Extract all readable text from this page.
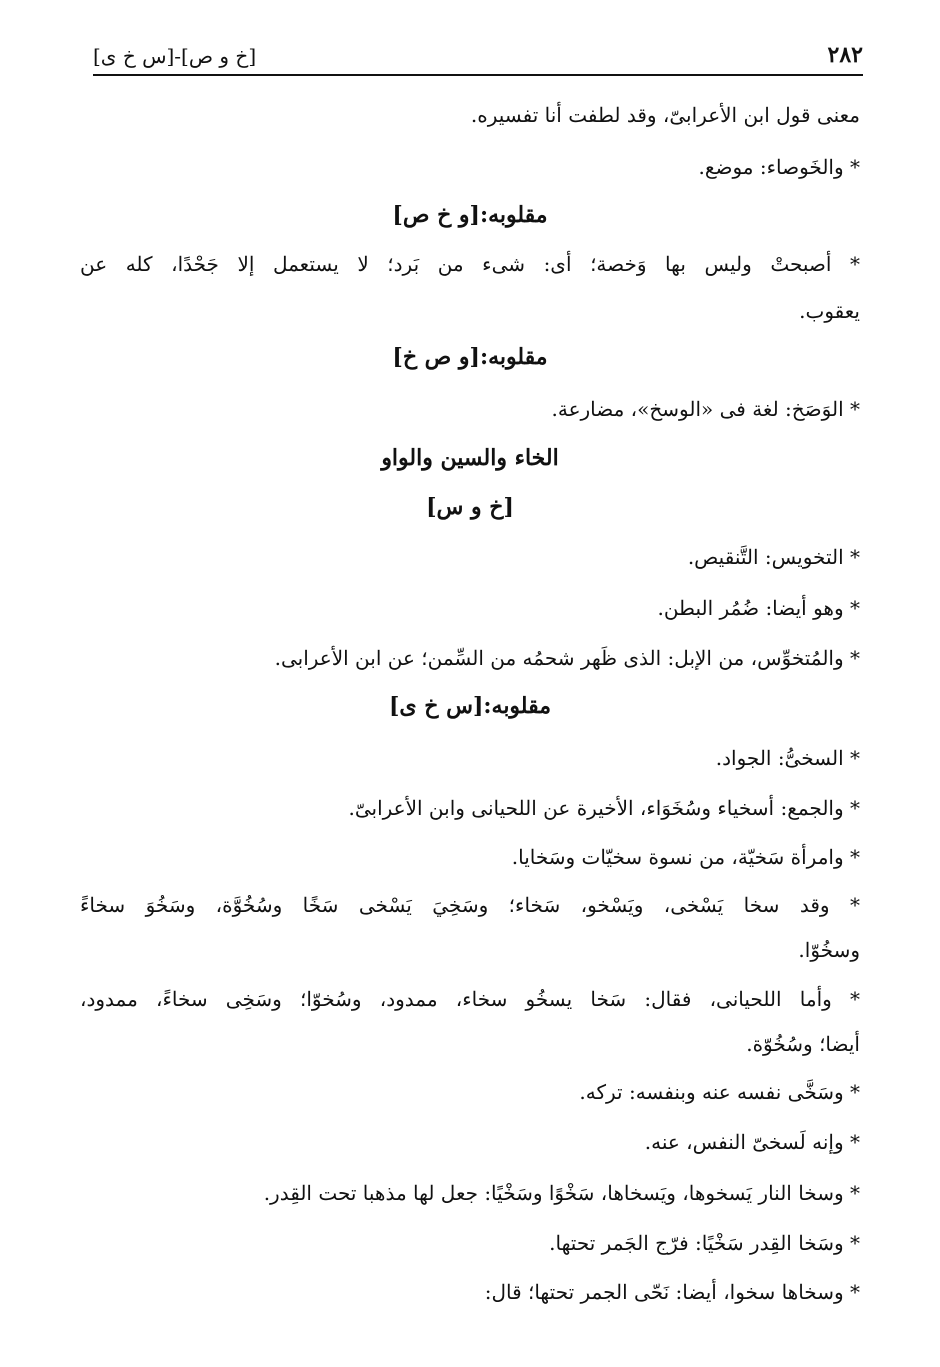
٢٨٢
[خ و ص]-[س خ ى]
معنى قول ابن الأعرابىّ، وقد لطفت أنا تفسيره.
* والخَوصاء: موضع.
مقلوبه:[و خ ص]
* أصبحتْ وليس بها وَخصة؛ أى: شىء من بَرد؛ لا يستعمل إلا جَحْدًا، كله عن
يعقوب.
مقلوبه:[و ص خ]
* الوَصَخ: لغة فى «الوسخ»، مضارعة.
الخاء والسين والواو
[خ و س]
* التخويس: التَّنقيص.
* وهو أيضا: ضُمُر البطن.
* والمُتخوِّس، من الإبل: الذى ظَهر شحمُه من السِّمن؛ عن ابن الأعرابى.
مقلوبه:[س خ ى]
* السخىُّ: الجواد.
* والجمع: أسخياء وسُخَوَاء، الأخيرة عن اللحيانى وابن الأعرابىّ.
* وامرأة سَخيّة، من نسوة سخيّات وسَخايا.
* وقد سخا يَسْخى، ويَسْخو، سَخاء؛ وسَخِيَ يَسْخى سَخًا وسُخُوَّة، وسَخُوَ سخاءً
وسخُوّا.
* وأما اللحيانى، فقال: سَخا يسخُو سخاء، ممدود، وسُخوّا؛ وسَخِى سخاءً، ممدود،
أيضا؛ وسُخُوّة.
* وسَخَّى نفسه عنه وبنفسه: تركه.
* وإنه لَسخىّ النفس، عنه.
* وسخا النار يَسخوها، ويَسخاها، سَخْوًا وسَخْيًا: جعل لها مذهبا تحت القِدر.
* وسَخا القِدر سَخْيًا: فرّج الجَمر تحتها.
* وسخاها سخوا، أيضا: نَحّى الجمر تحتها؛ قال:
